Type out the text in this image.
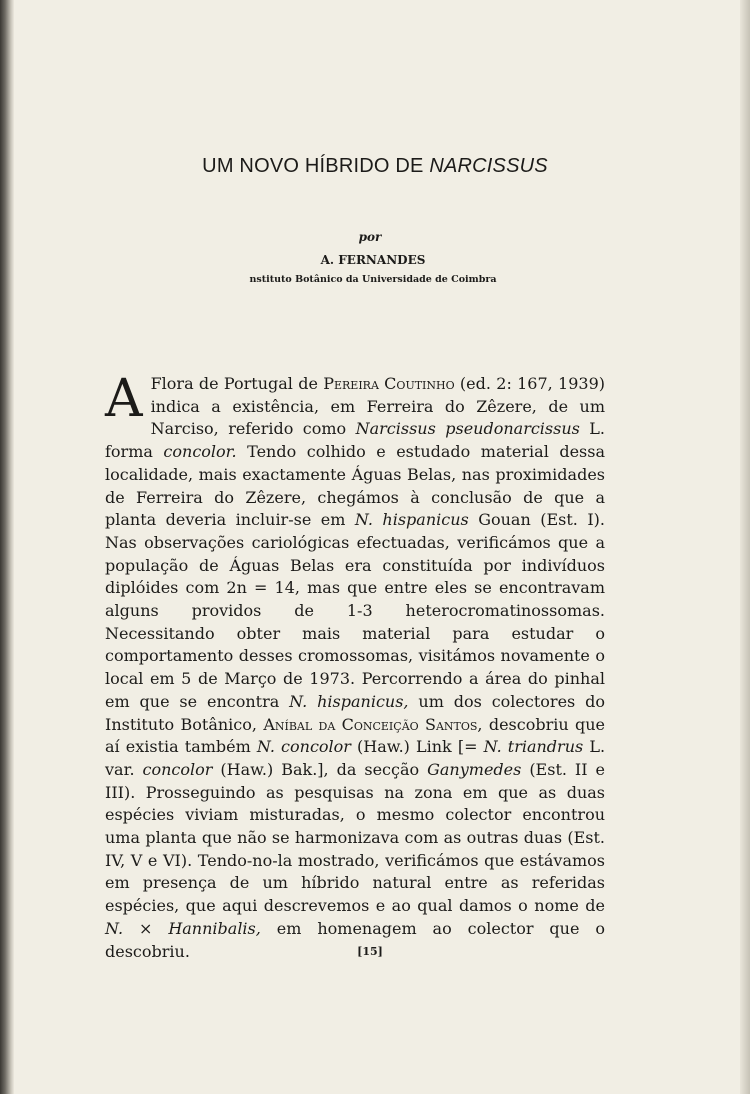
UM NOVO HÍBRIDO DE NARCISSUS
por
A. FERNANDES
nstituto Botânico da Universidade de Coimbra
A Flora de Portugal de Pereira Coutinho (ed. 2: 167, 1939) indica a existência, em Ferreira do Zêzere, de um Narciso, referido como Narcissus pseudonarcissus L. forma concolor. Tendo colhido e estudado material dessa localidade, mais exactamente Águas Belas, nas proximidades de Ferreira do Zêzere, chegámos à conclusão de que a planta deveria incluir-se em N. hispanicus Gouan (Est. I). Nas observações cariológicas efectuadas, verificámos que a população de Águas Belas era constituída por indivíduos diplóides com 2n = 14, mas que entre eles se encontravam alguns providos de 1-3 heterocromatinossomas. Necessitando obter mais material para estudar o comportamento desses cromossomas, visitámos novamente ο local em 5 de Março de 1973. Percorrendo a área do pinhal em que se encontra N. hispanicus, um dos colectores do Instituto Botânico, Aníbal da Conceição Santos, descobriu que aí existia também N. concolor (Haw.) Link [= N. triandrus L. var. concolor (Haw.) Bak.], da secção Ganymedes (Est. II e III). Prosseguindo as pesquisas na zona em que as duas espécies viviam misturadas, o mesmo colector encontrou uma planta que não se harmonizava com as outras duas (Est. IV, V e VI). Tendo-no-la mostrado, verificámos que estávamos em presença de um híbrido natural entre as referidas espécies, que aqui descrevemos e ao qual damos o nome de N. × Hannibalis, em homenagem ao colector que o descobriu.	[15]
